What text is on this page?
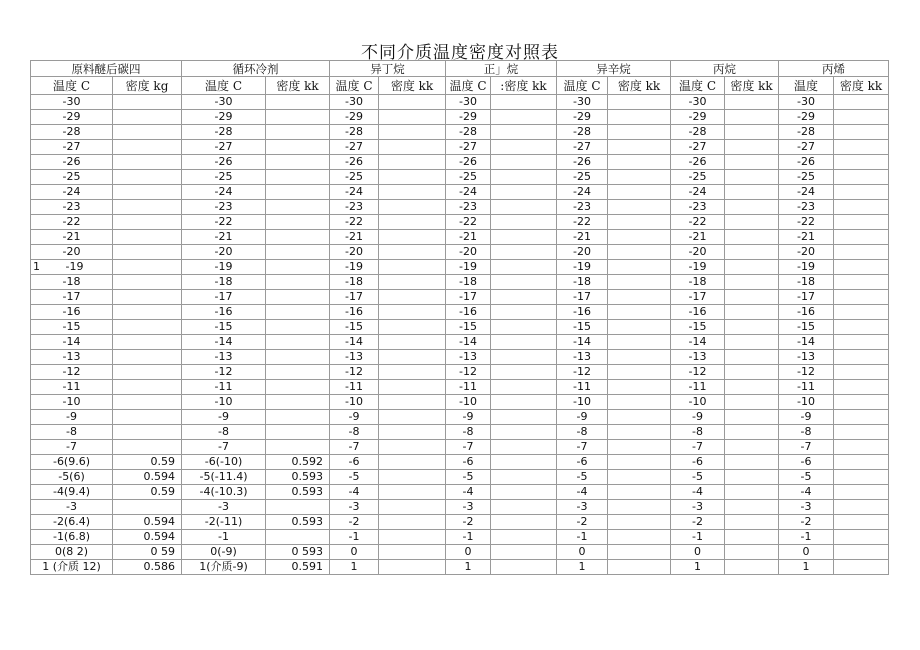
不同介质温度密度对照表
原料醚后碳四		循环冷剂		异丁烷		正」烷		异辛烷		丙烷		丙烯	
温度 C	密度 kg	温度 C	密度 kk	温度 C	密度 kk	温度 C	:密度 kk	温度 C	密度 kk	温度 C	密度 kk	温度	密度 kk
-30		-30		-30		-30		-30		-30		-30	
-29		-29		-29		-29		-29		-29		-29	
-28		-28		-28		-28		-28		-28		-28	
-27		-27		-27		-27		-27		-27		-27	
-26		-26		-26		-26		-26		-26		-26	
-25		-25		-25		-25		-25		-25		-25	
-24		-24		-24		-24		-24		-24		-24	
-23		-23		-23		-23		-23		-23		-23	
-22		-22		-22		-22		-22		-22		-22	
-21		-21		-21		-21		-21		-21		-21	
-20		-20		-20		-20		-20		-20		-20	

1 -19		-19		-19		-19		-19		-19		-19	
-18		-18		-18		-18		-18		-18		-18	
-17		-17		-17		-17		-17		-17		-17	
-16		-16		-16		-16		-16		-16		-16	
-15		-15		-15		-15		-15		-15		-15	
-14		-14		-14		-14		-14		-14		-14	
-13		-13		-13		-13		-13		-13		-13	
-12		-12		-12		-12		-12		-12		-12	
-11		-11		-11		-11		-11		-11		-11	
-10		-10		-10		-10		-10		-10		-10	
-9		-9		-9		-9		-9		-9		-9	
-8		-8		-8		-8		-8		-8		-8	
-7		-7		-7		-7		-7		-7		-7	
-6(9.6)	0.59	-6(-10)	0.592	-6		-6		-6		-6		-6	
-5(6)	0.594	-5(-11.4)	0.593	-5		-5		-5		-5		-5	
-4(9.4)	0.59	-4(-10.3)	0.593	-4		-4		-4		-4		-4	
-3		-3		-3		-3		-3		-3		-3	
-2(6.4)	0.594	-2(-11)	0.593	-2		-2		-2		-2		-2	
-1(6.8)	0.594	-1		-1		-1		-1		-1		-1	
0(8 2)	0 59	0(-9)	0 593	0		0		0		0		0	
1 (介质 12)	0.586	1(介质-9)	0.591	1		1		1		1		1	
